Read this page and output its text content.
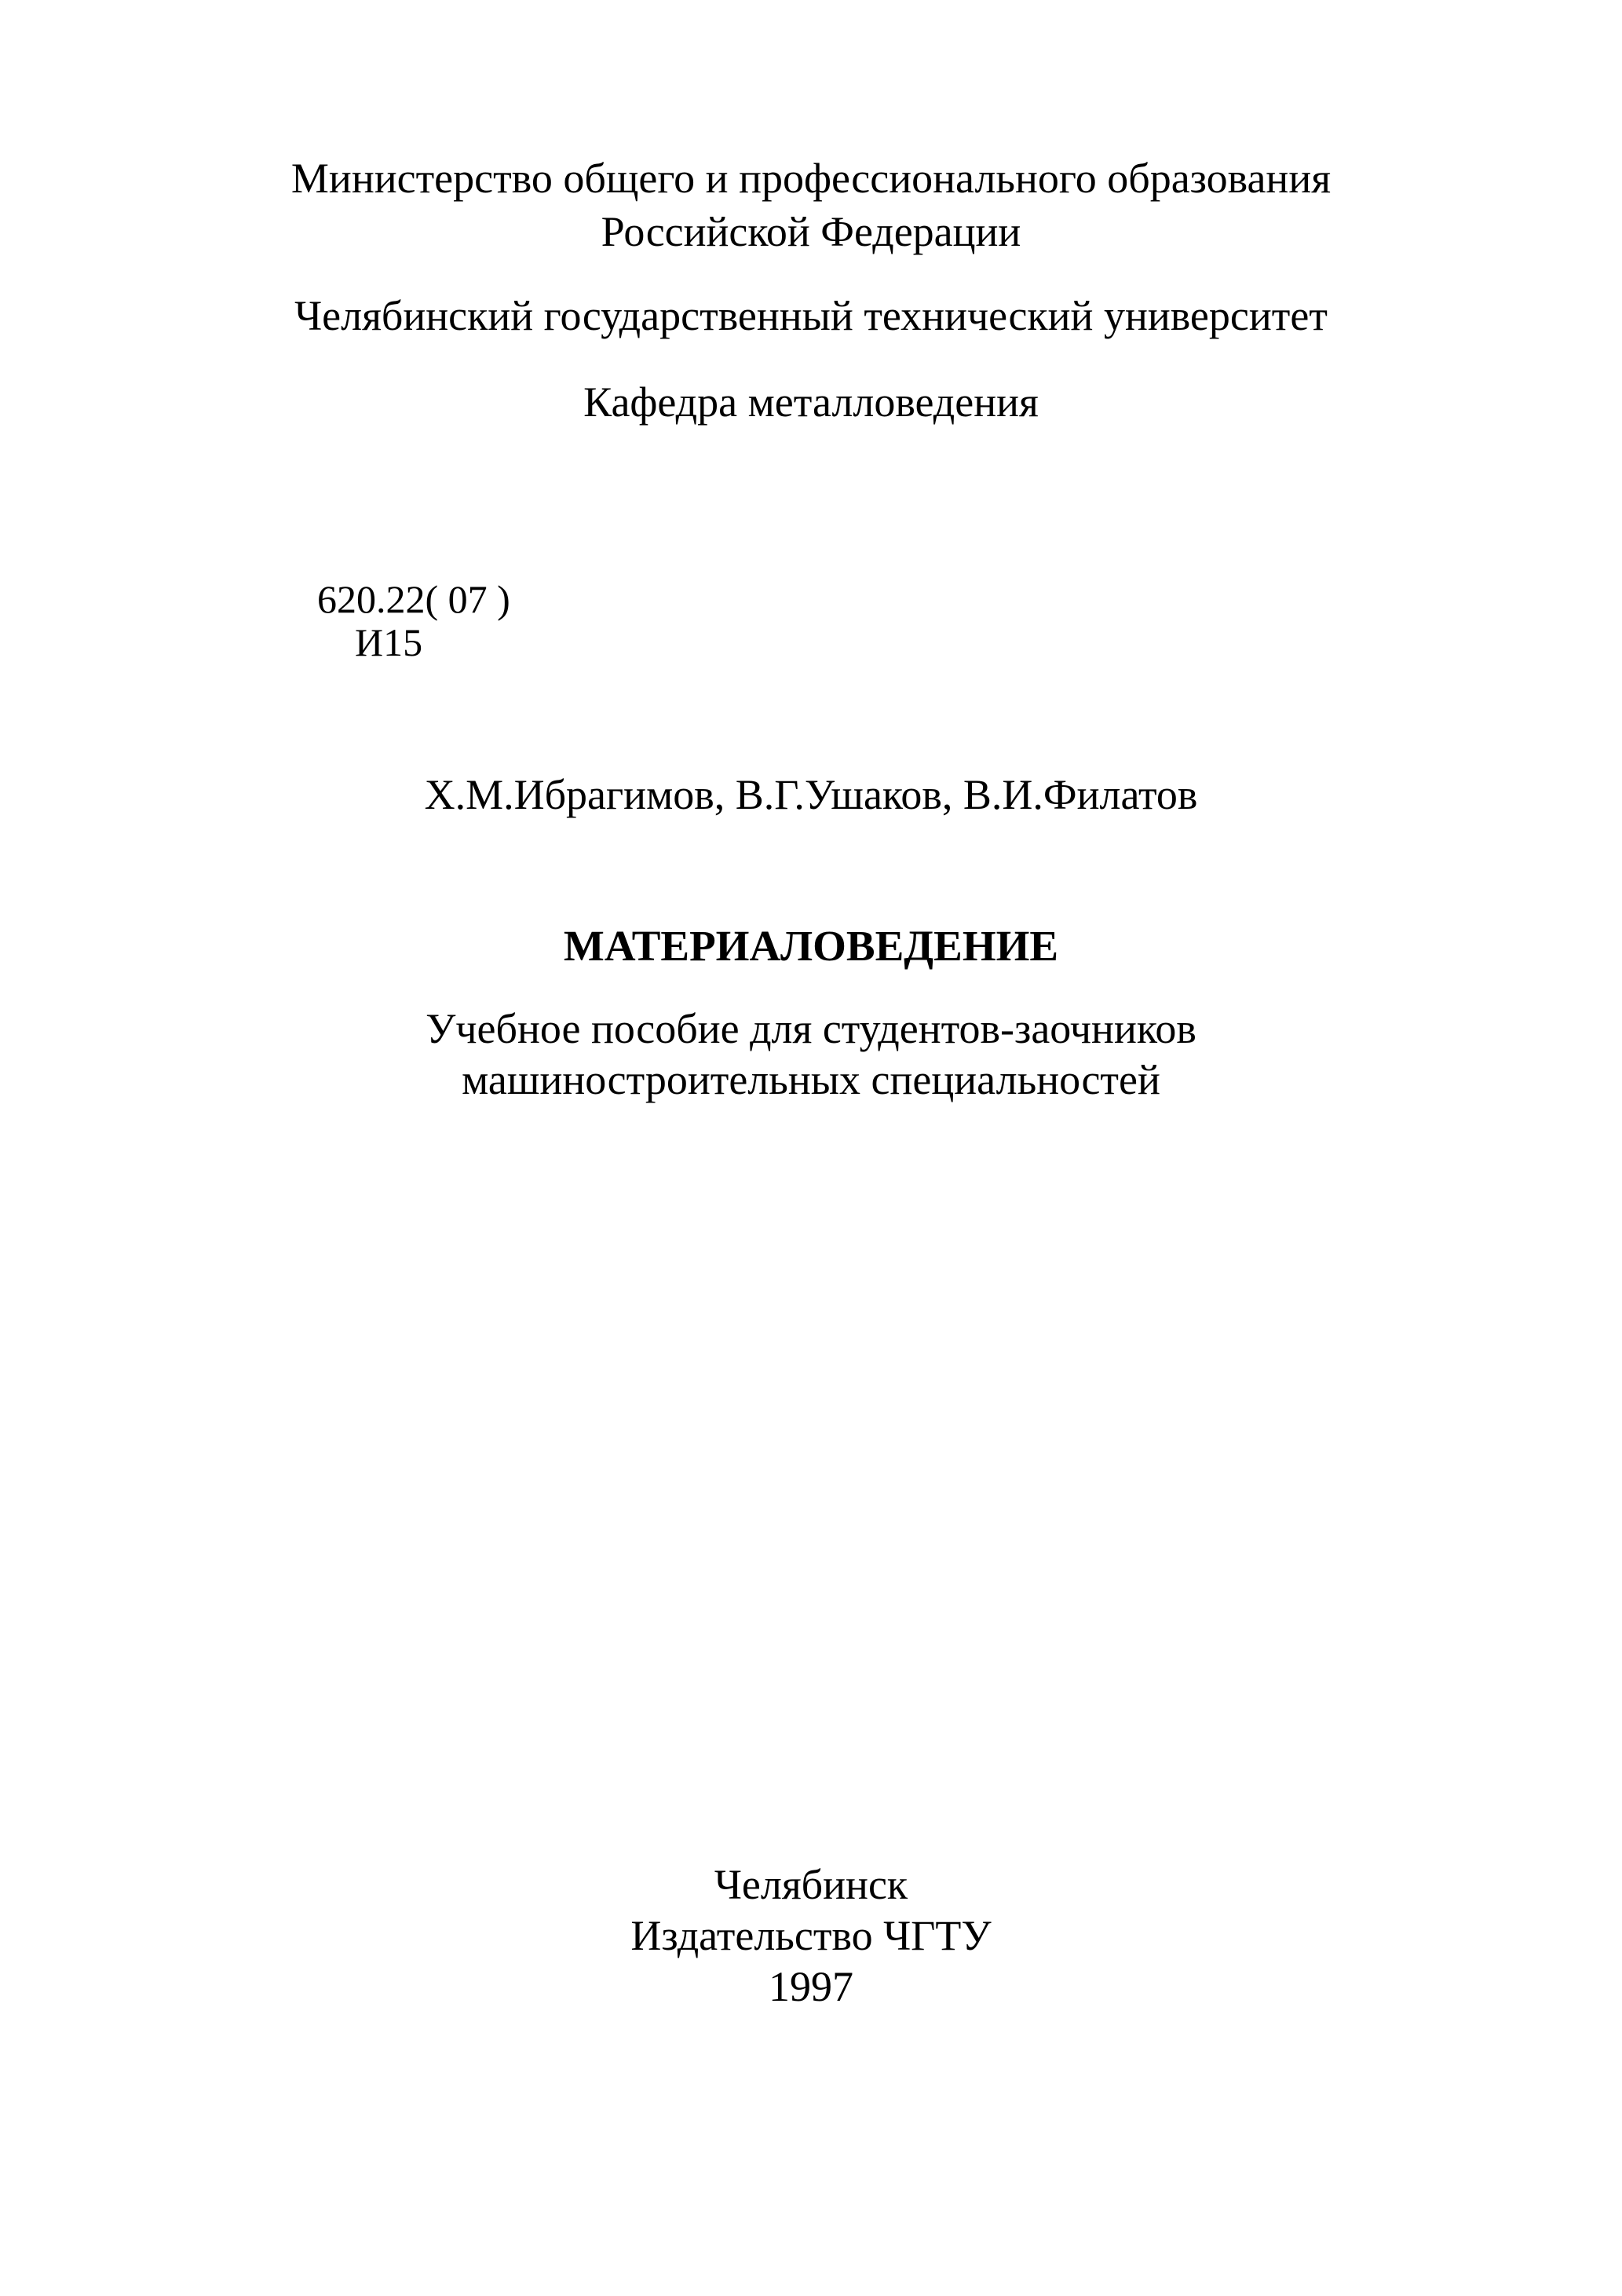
Министерство общего и профессионального образования
Российской Федерации
Челябинский государственный технический университет
Кафедра металловедения
620.22( 07 )
И15
Х.М.Ибрагимов, В.Г.Ушаков, В.И.Филатов
МАТЕРИАЛОВЕДЕНИЕ
Учебное пособие для студентов-заочников
машиностроительных специальностей
Челябинск
Издательство ЧГТУ
1997
